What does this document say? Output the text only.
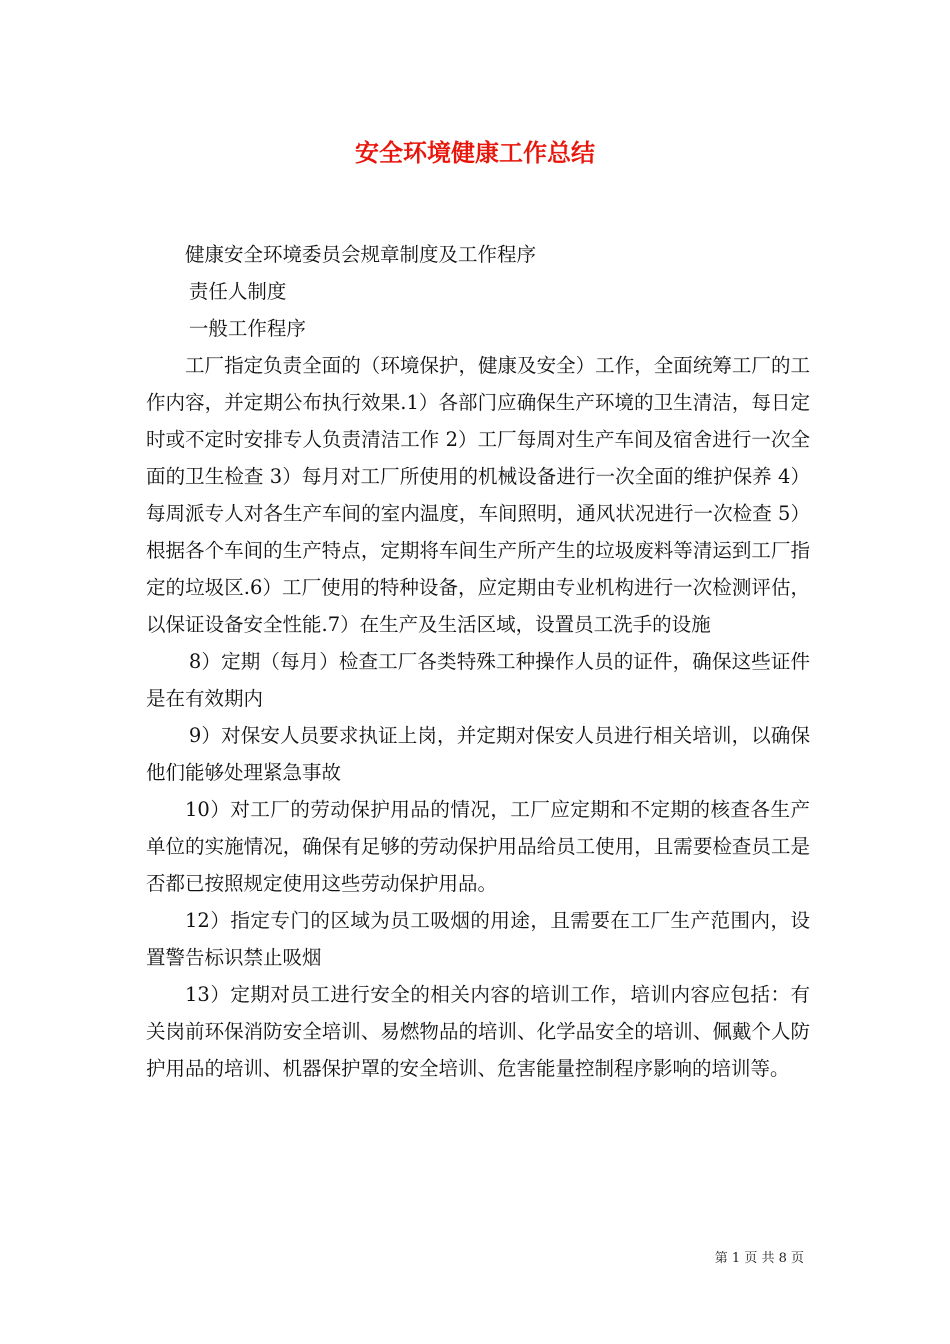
安全环境健康工作总结

健康安全环境委员会规章制度及工作程序

责任人制度

一般工作程序

工厂指定负责全面的（环境保护，健康及安全）工作，全面统筹工厂的工作内容，并定期公布执行效果.1）各部门应确保生产环境的卫生清洁，每日定时或不定时安排专人负责清洁工作 2）工厂每周对生产车间及宿舍进行一次全面的卫生检查 3）每月对工厂所使用的机械设备进行一次全面的维护保养 4）每周派专人对各生产车间的室内温度，车间照明，通风状况进行一次检查 5）根据各个车间的生产特点，定期将车间生产所产生的垃圾废料等清运到工厂指定的垃圾区.6）工厂使用的特种设备，应定期由专业机构进行一次检测评估，以保证设备安全性能.7）在生产及生活区域，设置员工洗手的设施

8）定期（每月）检查工厂各类特殊工种操作人员的证件，确保这些证件是在有效期内

9）对保安人员要求执证上岗，并定期对保安人员进行相关培训，以确保他们能够处理紧急事故

10）对工厂的劳动保护用品的情况，工厂应定期和不定期的核查各生产单位的实施情况，确保有足够的劳动保护用品给员工使用，且需要检查员工是否都已按照规定使用这些劳动保护用品。

12）指定专门的区域为员工吸烟的用途，且需要在工厂生产范围内，设置警告标识禁止吸烟

13）定期对员工进行安全的相关内容的培训工作，培训内容应包括：有关岗前环保消防安全培训、易燃物品的培训、化学品安全的培训、佩戴个人防护用品的培训、机器保护罩的安全培训、危害能量控制程序影响的培训等。

第 1 页 共 8 页
